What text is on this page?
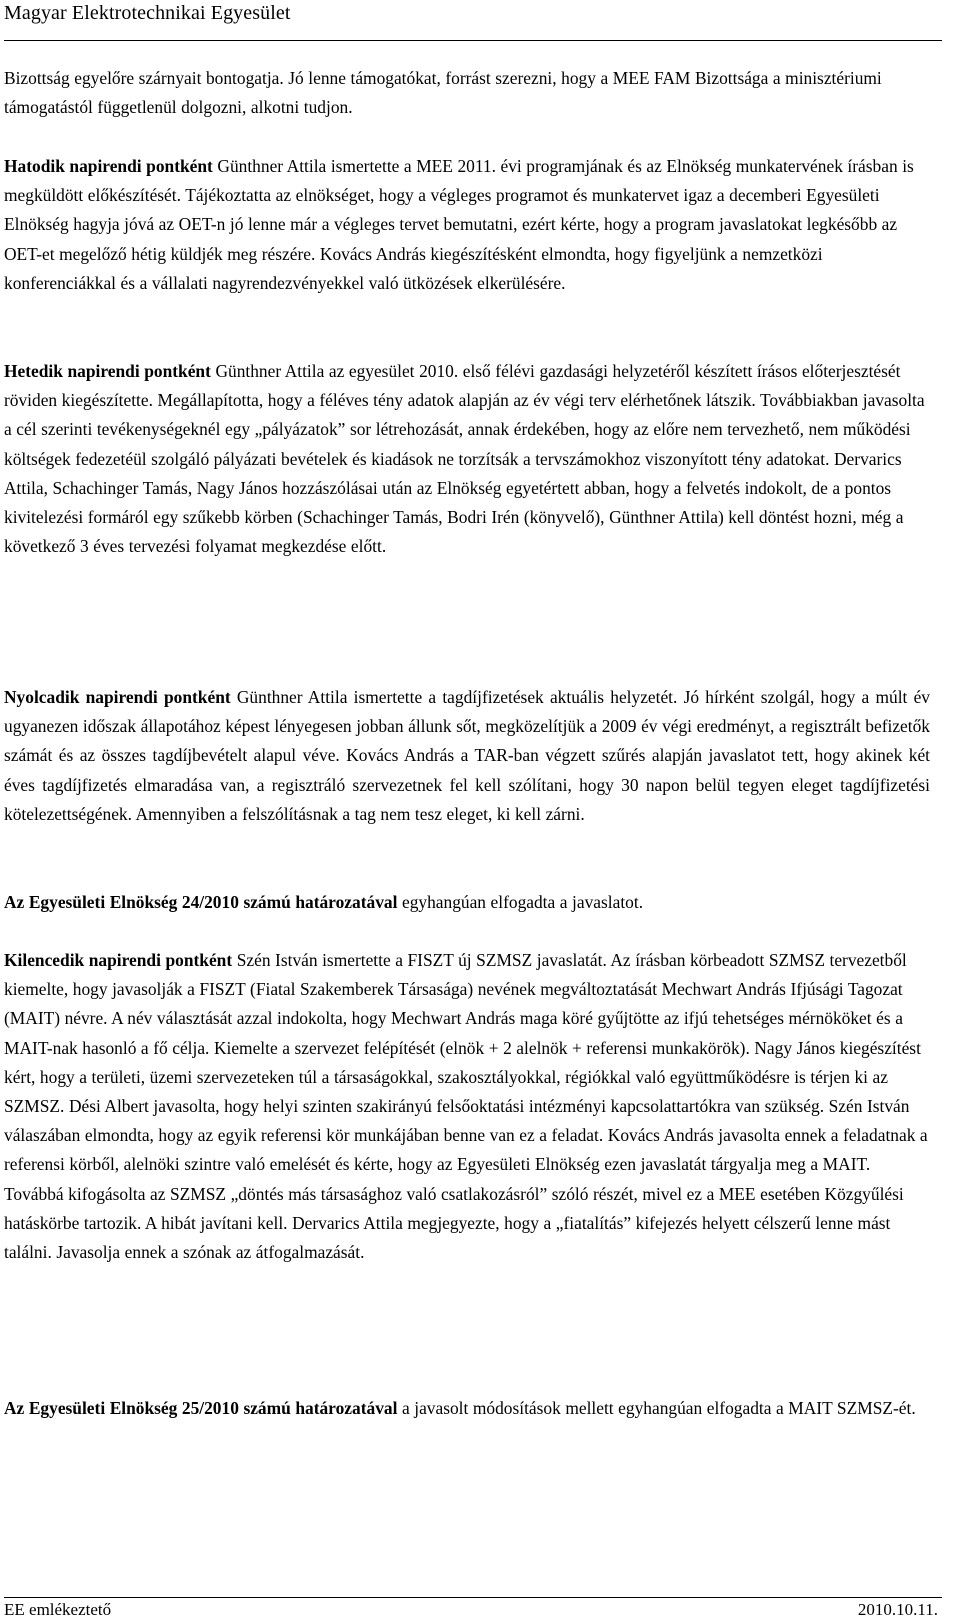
Magyar Elektrotechnikai Egyesület
Bizottság egyelőre szárnyait bontogatja. Jó lenne támogatókat, forrást szerezni, hogy a MEE FAM Bizottsága a minisztériumi támogatástól függetlenül dolgozni, alkotni tudjon.
Hatodik napirendi pontként Günthner Attila ismertette a MEE 2011. évi programjának és az Elnökség munkatervének írásban is megküldött előkészítését. Tájékoztatta az elnökséget, hogy a végleges programot és munkatervet igaz a decemberi Egyesületi Elnökség hagyja jóvá az OET-n jó lenne már a végleges tervet bemutatni, ezért kérte, hogy a program javaslatokat legkésőbb az OET-et megelőző hétig küldjék meg részére. Kovács András kiegészítésként elmondta, hogy figyeljünk a nemzetközi konferenciákkal és a vállalati nagyrendezvényekkel való ütközések elkerülésére.
Hetedik napirendi pontként Günthner Attila az egyesület 2010. első félévi gazdasági helyzetéről készített írásos előterjesztését röviden kiegészítette. Megállapította, hogy a féléves tény adatok alapján az év végi terv elérhetőnek látszik. Továbbiakban javasolta a cél szerinti tevékenységeknél egy „pályázatok” sor létrehozását, annak érdekében, hogy az előre nem tervezhető, nem működési költségek fedezetéül szolgáló pályázati bevételek és kiadások ne torzítsák a tervszámokhoz viszonyított tény adatokat. Dervarics Attila, Schachinger Tamás, Nagy János hozzászólásai után az Elnökség egyetértett abban, hogy a felvetés indokolt, de a pontos kivitelezési formáról egy szűkebb körben (Schachinger Tamás, Bodri Irén (könyvelő), Günthner Attila) kell döntést hozni, még a következő 3 éves tervezési folyamat megkezdése előtt.
Nyolcadik napirendi pontként Günthner Attila ismertette a tagdíjfizetések aktuális helyzetét. Jó hírként szolgál, hogy a múlt év ugyanezen időszak állapotához képest lényegesen jobban állunk sőt, megközelítjük a 2009 év végi eredményt, a regisztrált befizetők számát és az összes tagdíjbevételt alapul véve. Kovács András a TAR-ban végzett szűrés alapján javaslatot tett, hogy akinek két éves tagdíjfizetés elmaradása van, a regisztráló szervezetnek fel kell szólítani, hogy 30 napon belül tegyen eleget tagdíjfizetési kötelezettségének. Amennyiben a felszólításnak a tag nem tesz eleget, ki kell zárni.
Az Egyesületi Elnökség 24/2010 számú határozatával egyhangúan elfogadta a javaslatot.
Kilencedik napirendi pontként Szén István ismertette a FISZT új SZMSZ javaslatát. Az írásban körbeadott SZMSZ tervezetből kiemelte, hogy javasolják a FISZT (Fiatal Szakemberek Társasága) nevének megváltoztatását Mechwart András Ifjúsági Tagozat (MAIT) névre. A név választását azzal indokolta, hogy Mechwart András maga köré gyűjtötte az ifjú tehetséges mérnököket és a MAIT-nak hasonló a fő célja. Kiemelte a szervezet felépítését (elnök + 2 alelnök + referensi munkakörök). Nagy János kiegészítést kért, hogy a területi, üzemi szervezeteken túl a társaságokkal, szakosztályokkal, régiókkal való együttműködésre is térjen ki az SZMSZ. Dési Albert javasolta, hogy helyi szinten szakirányú felsőoktatási intézményi kapcsolattartókra van szükség. Szén István válaszában elmondta, hogy az egyik referensi kör munkájában benne van ez a feladat. Kovács András javasolta ennek a feladatnak a referensi körből, alelnöki szintre való emelését és kérte, hogy az Egyesületi Elnökség ezen javaslatát tárgyalja meg a MAIT. Továbbá kifogásolta az SZMSZ „döntés más társasághoz való csatlakozásról” szóló részét, mivel ez a MEE esetében Közgyűlési hatáskörbe tartozik. A hibát javítani kell. Dervarics Attila megjegyezte, hogy a „fiatalítás” kifejezés helyett célszerű lenne mást találni. Javasolja ennek a szónak az átfogalmazását.
Az Egyesületi Elnökség 25/2010 számú határozatával a javasolt módosítások mellett egyhangúan elfogadta a MAIT SZMSZ-ét.
EE emlékeztető	2010.10.11.
